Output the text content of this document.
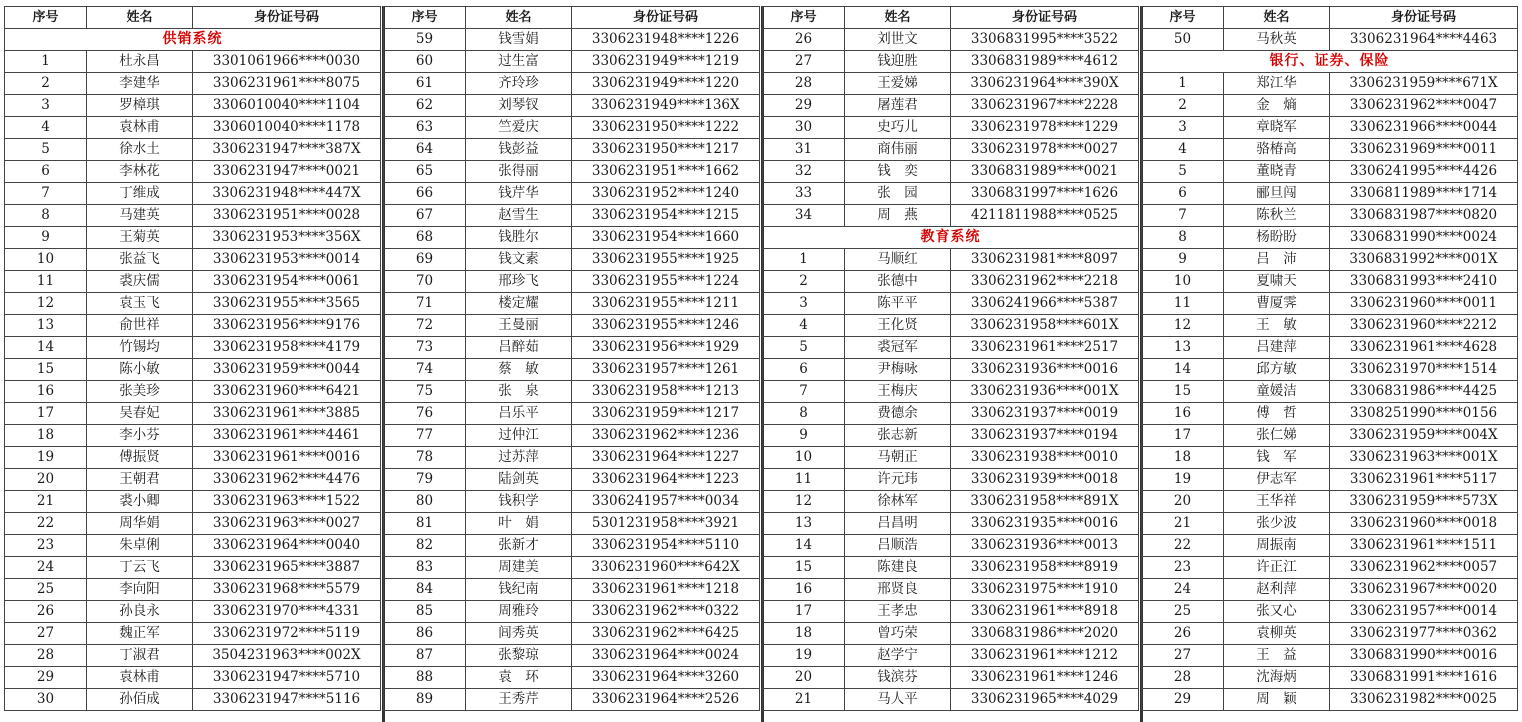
序号	姓名	身份证号码
供销系统		
1	杜永昌	3301061966****0030
2	李建华	3306231961****8075
3	罗樟琪	3306010040****1104
4	袁林甫	3306010040****1178
5	徐水土	3306231947****387X
6	李林花	3306231947****0021
7	丁维成	3306231948****447X
8	马建英	3306231951****0028
9	王菊英	3306231953****356X
10	张益飞	3306231953****0014
11	裘庆儒	3306231954****0061
12	袁玉飞	3306231955****3565
13	俞世祥	3306231956****9176
14	竹锡均	3306231958****4179
15	陈小敏	3306231959****0044
16	张美珍	3306231960****6421
17	吴春妃	3306231961****3885
18	李小芬	3306231961****4461
19	傅振贤	3306231961****0016
20	王朝君	3306231962****4476
21	裘小卿	3306231963****1522
22	周华娟	3306231963****0027
23	朱卓俐	3306231964****0040
24	丁云飞	3306231965****3887
25	李向阳	3306231968****5579
26	孙良永	3306231970****4331
27	魏正军	3306231972****5119
28	丁淑君	3504231963****002X
29	袁林甫	3306231947****5710
30	孙佰成	3306231947****5116
序号	姓名	身份证号码
59	钱雪娟	3306231948****1226
60	过生富	3306231949****1219
61	齐玲珍	3306231949****1220
62	刘琴钗	3306231949****136X
63	竺爱庆	3306231950****1222
64	钱彭益	3306231950****1217
65	张得丽	3306231951****1662
66	钱芹华	3306231952****1240
67	赵雪生	3306231954****1215
68	钱胜尔	3306231954****1660
69	钱文素	3306231955****1925
70	邢珍飞	3306231955****1224
71	楼定耀	3306231955****1211
72	王曼丽	3306231955****1246
73	吕醉茹	3306231956****1929
74	蔡　敏	3306231957****1261
75	张　泉	3306231958****1213
76	吕乐平	3306231959****1217
77	过仲江	3306231962****1236
78	过苏萍	3306231964****1227
79	陆剑英	3306231964****1223
80	钱积学	3306241957****0034
81	叶　娟	5301231958****3921
82	张新才	3306231954****5110
83	周建美	3306231960****642X
84	钱纪南	3306231961****1218
85	周雅玲	3306231962****0322
86	闾秀英	3306231962****6425
87	张黎琼	3306231964****0024
88	袁　环	3306231964****3260
89	王秀芹	3306231964****2526
序号	姓名	身份证号码
26	刘世文	3306831995****3522
27	钱迎胜	3306831989****4612
28	王爱娣	3306231964****390X
29	屠莲君	3306231967****2228
30	史巧儿	3306231978****1229
31	商伟丽	3306231978****0027
32	钱　奕	3306831989****0021
33	张　园	3306831997****1626
34	周　燕	4211811988****0525
教育系统		
1	马顺红	3306231981****8097
2	张德中	3306231962****2218
3	陈平平	3306241966****5387
4	王化贤	3306231958****601X
5	裘冠军	3306231961****2517
6	尹梅咏	3306231936****0016
7	王梅庆	3306231936****001X
8	费德余	3306231937****0019
9	张志新	3306231937****0194
10	马朝正	3306231938****0010
11	许元玮	3306231939****0018
12	徐林军	3306231958****891X
13	吕昌明	3306231935****0016
14	吕顺浩	3306231936****0013
15	陈建良	3306231958****8919
16	邢贤良	3306231975****1910
17	王孝忠	3306231961****8918
18	曾巧荣	3306831986****2020
19	赵学宁	3306231961****1212
20	钱滨芬	3306231961****1246
21	马人平	3306231965****4029
序号	姓名	身份证号码
50	马秋英	3306231964****4463
银行、证券、保险		
1	郑江华	3306231959****671X
2	金　熵	3306231962****0047
3	章晓军	3306231966****0044
4	骆椿高	3306231969****0011
5	董晓青	3306241995****4426
6	郦旦闯	3306811989****1714
7	陈秋兰	3306831987****0820
8	杨盼盼	3306831990****0024
9	吕　沛	3306831992****001X
10	夏啸天	3306831993****2410
11	曹厦霁	3306231960****0011
12	王　敏	3306231960****2212
13	吕建萍	3306231961****4628
14	邱方敏	3306231970****1514
15	童媛洁	3306831986****4425
16	傅　哲	3308251990****0156
17	张仁娣	3306231959****004X
18	钱　军	3306231963****001X
19	伊志军	3306231961****5117
20	王华祥	3306231959****573X
21	张少波	3306231960****0018
22	周振南	3306231961****1511
23	许正江	3306231962****0057
24	赵利萍	3306231967****0020
25	张又心	3306231957****0014
26	袁柳英	3306231977****0362
27	王　益	3306831990****0016
28	沈海炳	3306831991****1616
29	周　颖	3306231982****0025
